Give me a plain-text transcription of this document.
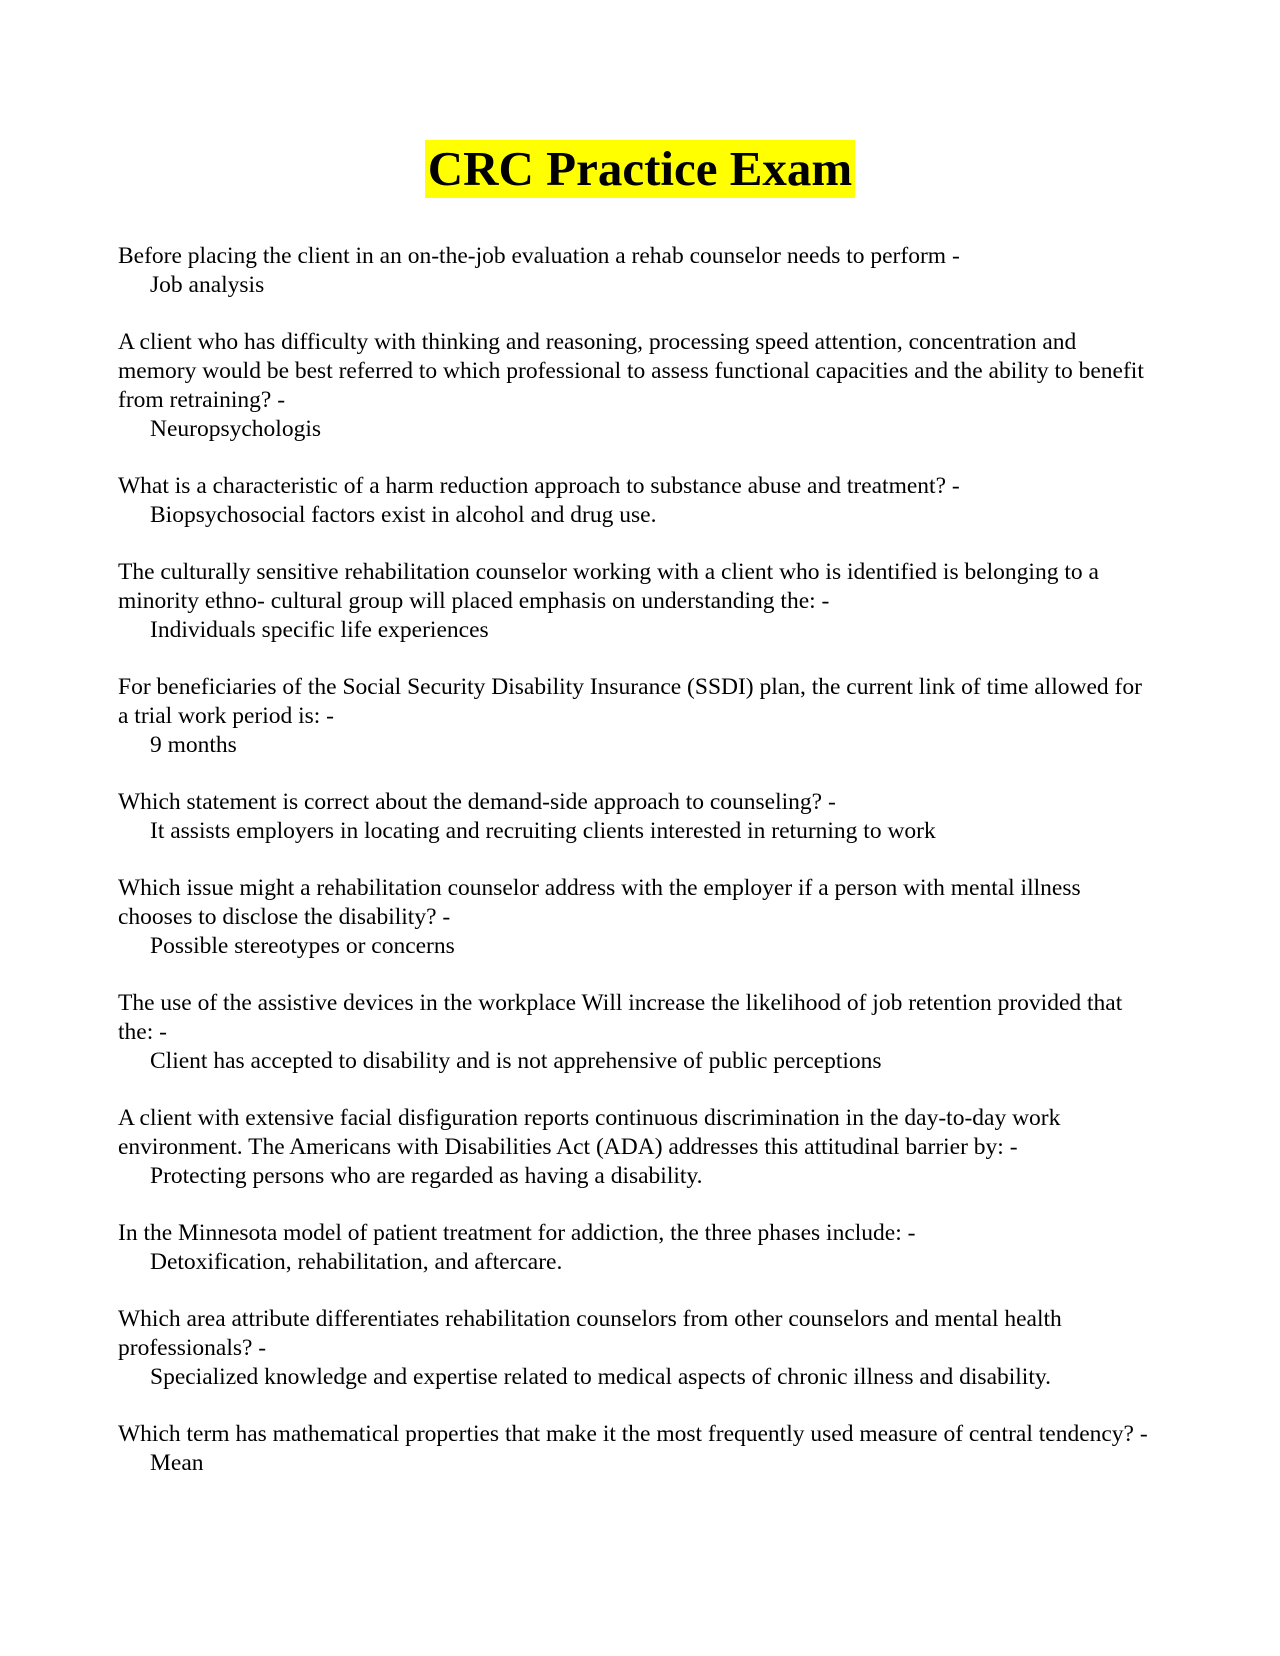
CRC Practice Exam

Before placing the client in an on-the-job evaluation a rehab counselor needs to perform -

Job analysis

A client who has difficulty with thinking and reasoning, processing speed attention, concentration and memory would be best referred to which professional to assess functional capacities and the ability to benefit from retraining? -

Neuropsychologis

What is a characteristic of a harm reduction approach to substance abuse and treatment? -

Biopsychosocial factors exist in alcohol and drug use.

The culturally sensitive rehabilitation counselor working with a client who is identified is belonging to a minority ethno- cultural group will placed emphasis on understanding the: -

Individuals specific life experiences

For beneficiaries of the Social Security Disability Insurance (SSDI) plan, the current link of time allowed for a trial work period is: -

9 months

Which statement is correct about the demand-side approach to counseling? -

It assists employers in locating and recruiting clients interested in returning to work

Which issue might a rehabilitation counselor address with the employer if a person with mental illness chooses to disclose the disability? -

Possible stereotypes or concerns

The use of the assistive devices in the workplace Will increase the likelihood of job retention provided that the: -

Client has accepted to disability and is not apprehensive of public perceptions

A client with extensive facial disfiguration reports continuous discrimination in the day-to-day work environment. The Americans with Disabilities Act (ADA) addresses this attitudinal barrier by: -

Protecting persons who are regarded as having a disability.

In the Minnesota model of patient treatment for addiction, the three phases include: -

Detoxification, rehabilitation, and aftercare.

Which area attribute differentiates rehabilitation counselors from other counselors and mental health professionals? -

Specialized knowledge and expertise related to medical aspects of chronic illness and disability.

Which term has mathematical properties that make it the most frequently used measure of central tendency? -

Mean
